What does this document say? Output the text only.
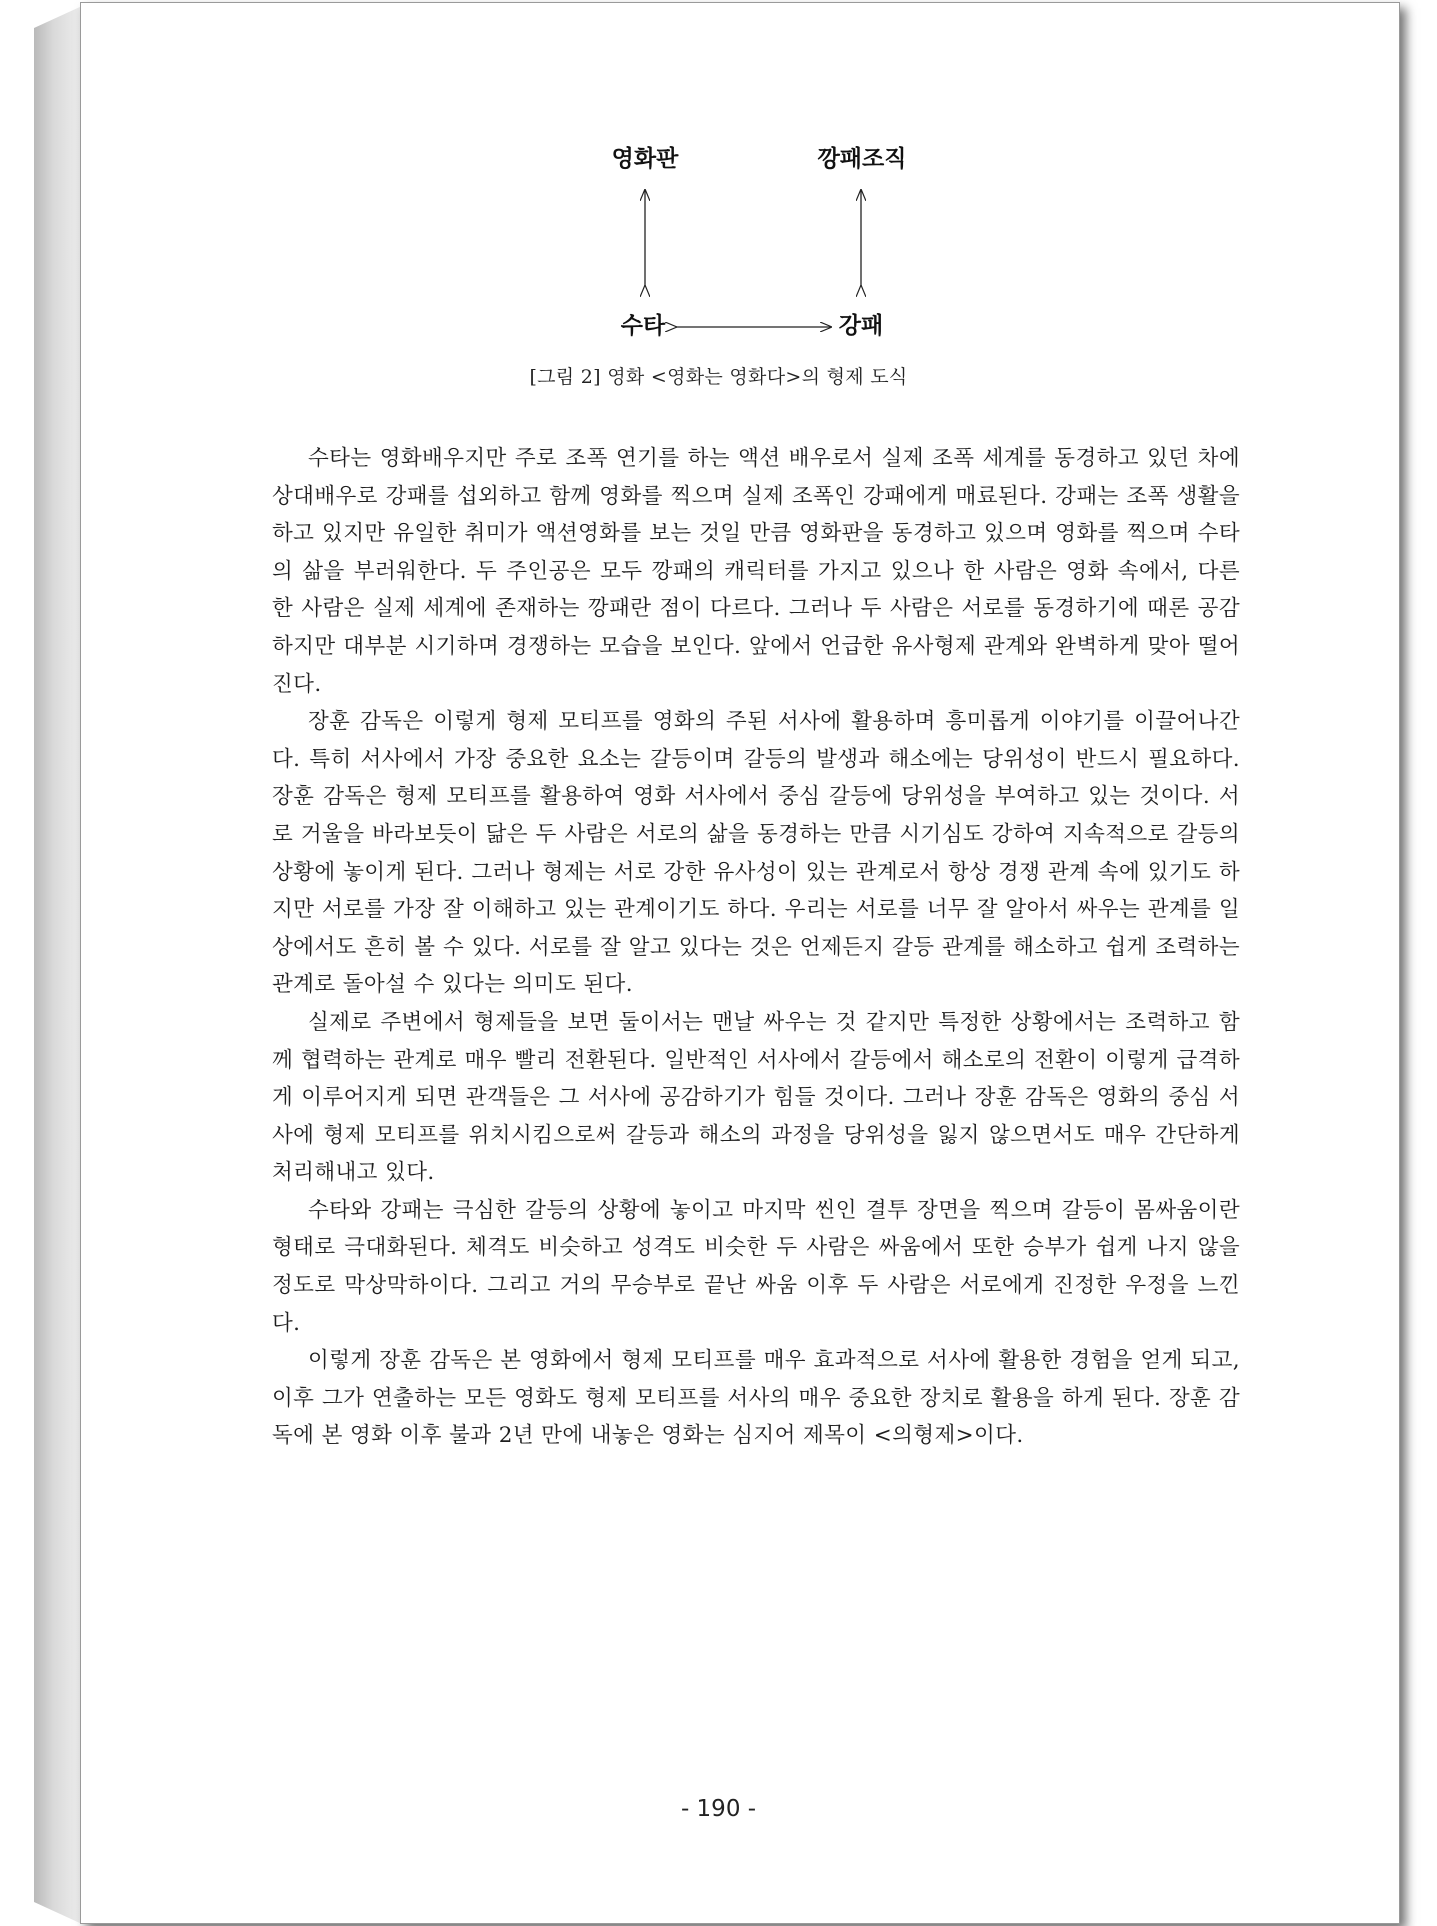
영화판	깡패조직
수타	강패
[그림 2] 영화 <영화는 영화다>의 형제 도식

수타는 영화배우지만 주로 조폭 연기를 하는 액션 배우로서 실제 조폭 세계를 동경하고 있던 차에 상대배우로 강패를 섭외하고 함께 영화를 찍으며 실제 조폭인 강패에게 매료된다. 강패는 조폭 생활을 하고 있지만 유일한 취미가 액션영화를 보는 것일 만큼 영화판을 동경하고 있으며 영화를 찍으며 수타의 삶을 부러워한다. 두 주인공은 모두 깡패의 캐릭터를 가지고 있으나 한 사람은 영화 속에서, 다른 한 사람은 실제 세계에 존재하는 깡패란 점이 다르다. 그러나 두 사람은 서로를 동경하기에 때론 공감하지만 대부분 시기하며 경쟁하는 모습을 보인다. 앞에서 언급한 유사형제 관계와 완벽하게 맞아 떨어진다.

장훈 감독은 이렇게 형제 모티프를 영화의 주된 서사에 활용하며 흥미롭게 이야기를 이끌어나간다. 특히 서사에서 가장 중요한 요소는 갈등이며 갈등의 발생과 해소에는 당위성이 반드시 필요하다. 장훈 감독은 형제 모티프를 활용하여 영화 서사에서 중심 갈등에 당위성을 부여하고 있는 것이다. 서로 거울을 바라보듯이 닮은 두 사람은 서로의 삶을 동경하는 만큼 시기심도 강하여 지속적으로 갈등의 상황에 놓이게 된다. 그러나 형제는 서로 강한 유사성이 있는 관계로서 항상 경쟁 관계 속에 있기도 하지만 서로를 가장 잘 이해하고 있는 관계이기도 하다. 우리는 서로를 너무 잘 알아서 싸우는 관계를 일상에서도 흔히 볼 수 있다. 서로를 잘 알고 있다는 것은 언제든지 갈등 관계를 해소하고 쉽게 조력하는 관계로 돌아설 수 있다는 의미도 된다.

실제로 주변에서 형제들을 보면 둘이서는 맨날 싸우는 것 같지만 특정한 상황에서는 조력하고 함께 협력하는 관계로 매우 빨리 전환된다. 일반적인 서사에서 갈등에서 해소로의 전환이 이렇게 급격하게 이루어지게 되면 관객들은 그 서사에 공감하기가 힘들 것이다. 그러나 장훈 감독은 영화의 중심 서사에 형제 모티프를 위치시킴으로써 갈등과 해소의 과정을 당위성을 잃지 않으면서도 매우 간단하게 처리해내고 있다.

수타와 강패는 극심한 갈등의 상황에 놓이고 마지막 씬인 결투 장면을 찍으며 갈등이 몸싸움이란 형태로 극대화된다. 체격도 비슷하고 성격도 비슷한 두 사람은 싸움에서 또한 승부가 쉽게 나지 않을 정도로 막상막하이다. 그리고 거의 무승부로 끝난 싸움 이후 두 사람은 서로에게 진정한 우정을 느낀다.

이렇게 장훈 감독은 본 영화에서 형제 모티프를 매우 효과적으로 서사에 활용한 경험을 얻게 되고, 이후 그가 연출하는 모든 영화도 형제 모티프를 서사의 매우 중요한 장치로 활용을 하게 된다. 장훈 감독에 본 영화 이후 불과 2년 만에 내놓은 영화는 심지어 제목이 <의형제>이다.

- 190 -
